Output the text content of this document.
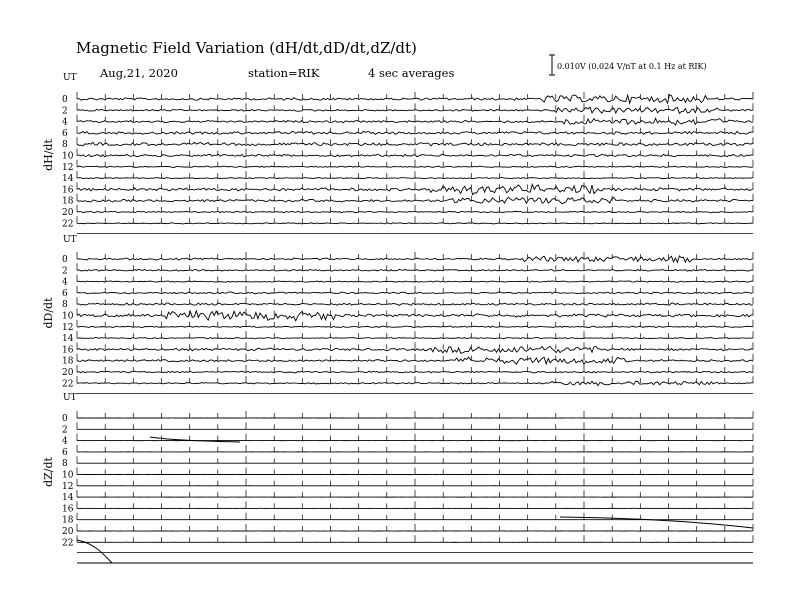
Magnetic Field Variation (dH/dt,dD/dt,dZ/dt)
Aug,21, 2020	station=RIK	4 sec averages	0.010V (0.024 V/nT at 0.1 Hz at RIK)
UT
dH/dt
0
2
4
6
8
10
12
14
16
18
20
22
UT
dD/dt
0
2
4
6
8
10
12
14
16
18
20
22
UT
dZ/dt
0
2
4
6
8
10
12
14
16
18
20
22
